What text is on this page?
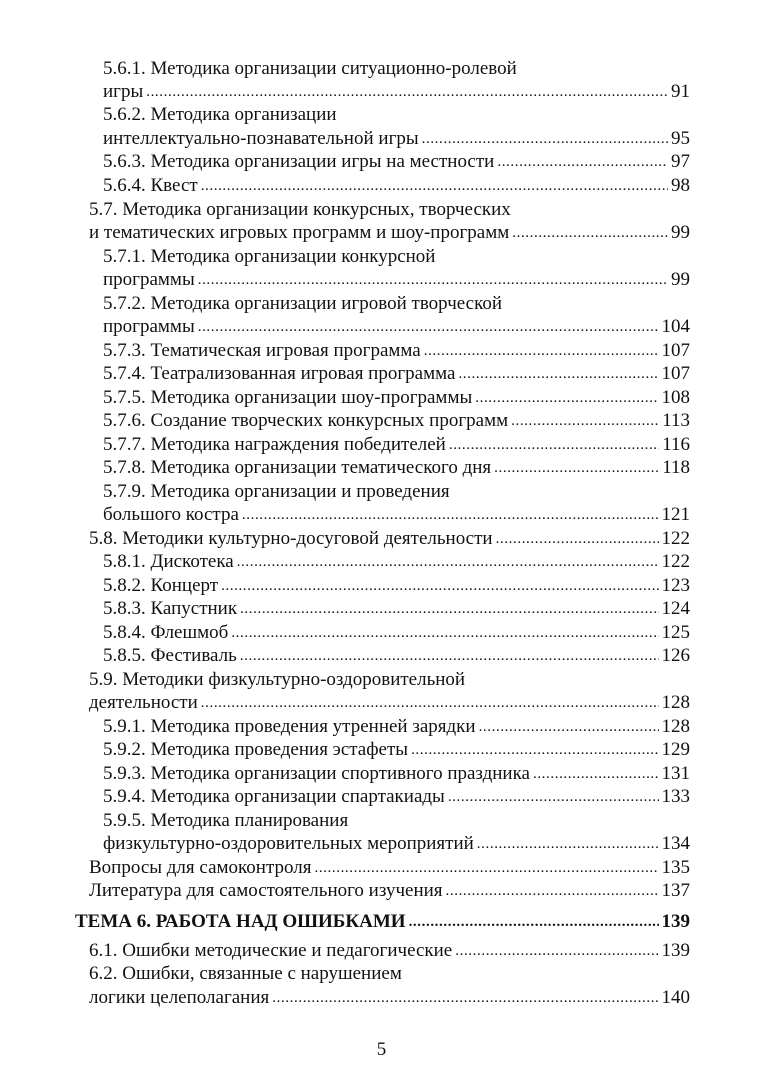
5.6.1. Методика организации ситуационно-ролевой
игры .....	91
5.6.2. Методика организации
интеллектуально-познавательной игры .....	95
5.6.3. Методика организации игры на местности .....	97
5.6.4. Квест .....	98
5.7. Методика организации конкурсных, творческих
и тематических игровых программ и шоу-программ .....	99
5.7.1. Методика организации конкурсной
программы .....	99
5.7.2. Методика организации игровой творческой
программы .....	104
5.7.3. Тематическая игровая программа .....	107
5.7.4. Театрализованная игровая программа .....	107
5.7.5. Методика организации шоу-программы .....	108
5.7.6. Создание творческих конкурсных программ .....	113
5.7.7. Методика награждения победителей .....	116
5.7.8. Методика организации тематического дня .....	118
5.7.9. Методика организации и проведения
большого костра .....	121
5.8. Методики культурно-досуговой деятельности .....	122
5.8.1. Дискотека .....	122
5.8.2. Концерт .....	123
5.8.3. Капустник .....	124
5.8.4. Флешмоб .....	125
5.8.5. Фестиваль .....	126
5.9. Методики физкультурно-оздоровительной
деятельности .....	128
5.9.1. Методика проведения утренней зарядки .....	128
5.9.2. Методика проведения эстафеты .....	129
5.9.3. Методика организации спортивного праздника .....	131
5.9.4. Методика организации спартакиады .....	133
5.9.5. Методика планирования
физкультурно-оздоровительных мероприятий .....	134
Вопросы для самоконтроля .....	135
Литература для самостоятельного изучения .....	137
ТЕМА 6. РАБОТА НАД ОШИБКАМИ .....	139
6.1. Ошибки методические и педагогические .....	139
6.2. Ошибки, связанные с нарушением
логики целеполагания .....	140
5
